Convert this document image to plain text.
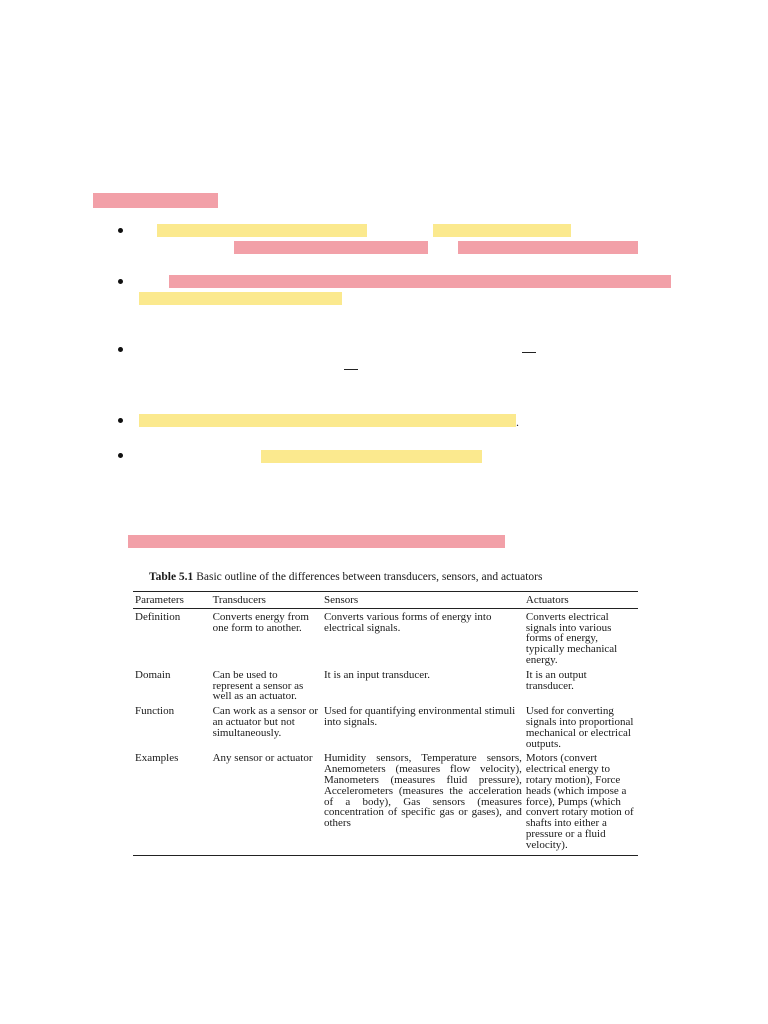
.
Table 5.1 Basic outline of the differences between transducers, sensors, and actuators
Parameters	Transducers	Sensors	Actuators
Definition	Converts energy from one form to another.	Converts various forms of energy into electrical signals.	Converts electrical signals into various forms of energy, typically mechanical energy.
Domain	Can be used to represent a sensor as well as an actuator.	It is an input transducer.	It is an output transducer.
Function	Can work as a sensor or an actuator but not simultaneously.	Used for quantifying environmental stimuli into signals.	Used for converting signals into proportional mechanical or electrical outputs.
Examples	Any sensor or actuator	Humidity sensors, Temperature sensors, Anemometers (measures flow velocity), Manometers (measures fluid pressure), Accelerometers (measures the acceleration of a body), Gas sensors (measures concentration of specific gas or gases), and others	Motors (convert electrical energy to rotary motion), Force heads (which impose a force), Pumps (which convert rotary motion of shafts into either a pressure or a fluid velocity).
